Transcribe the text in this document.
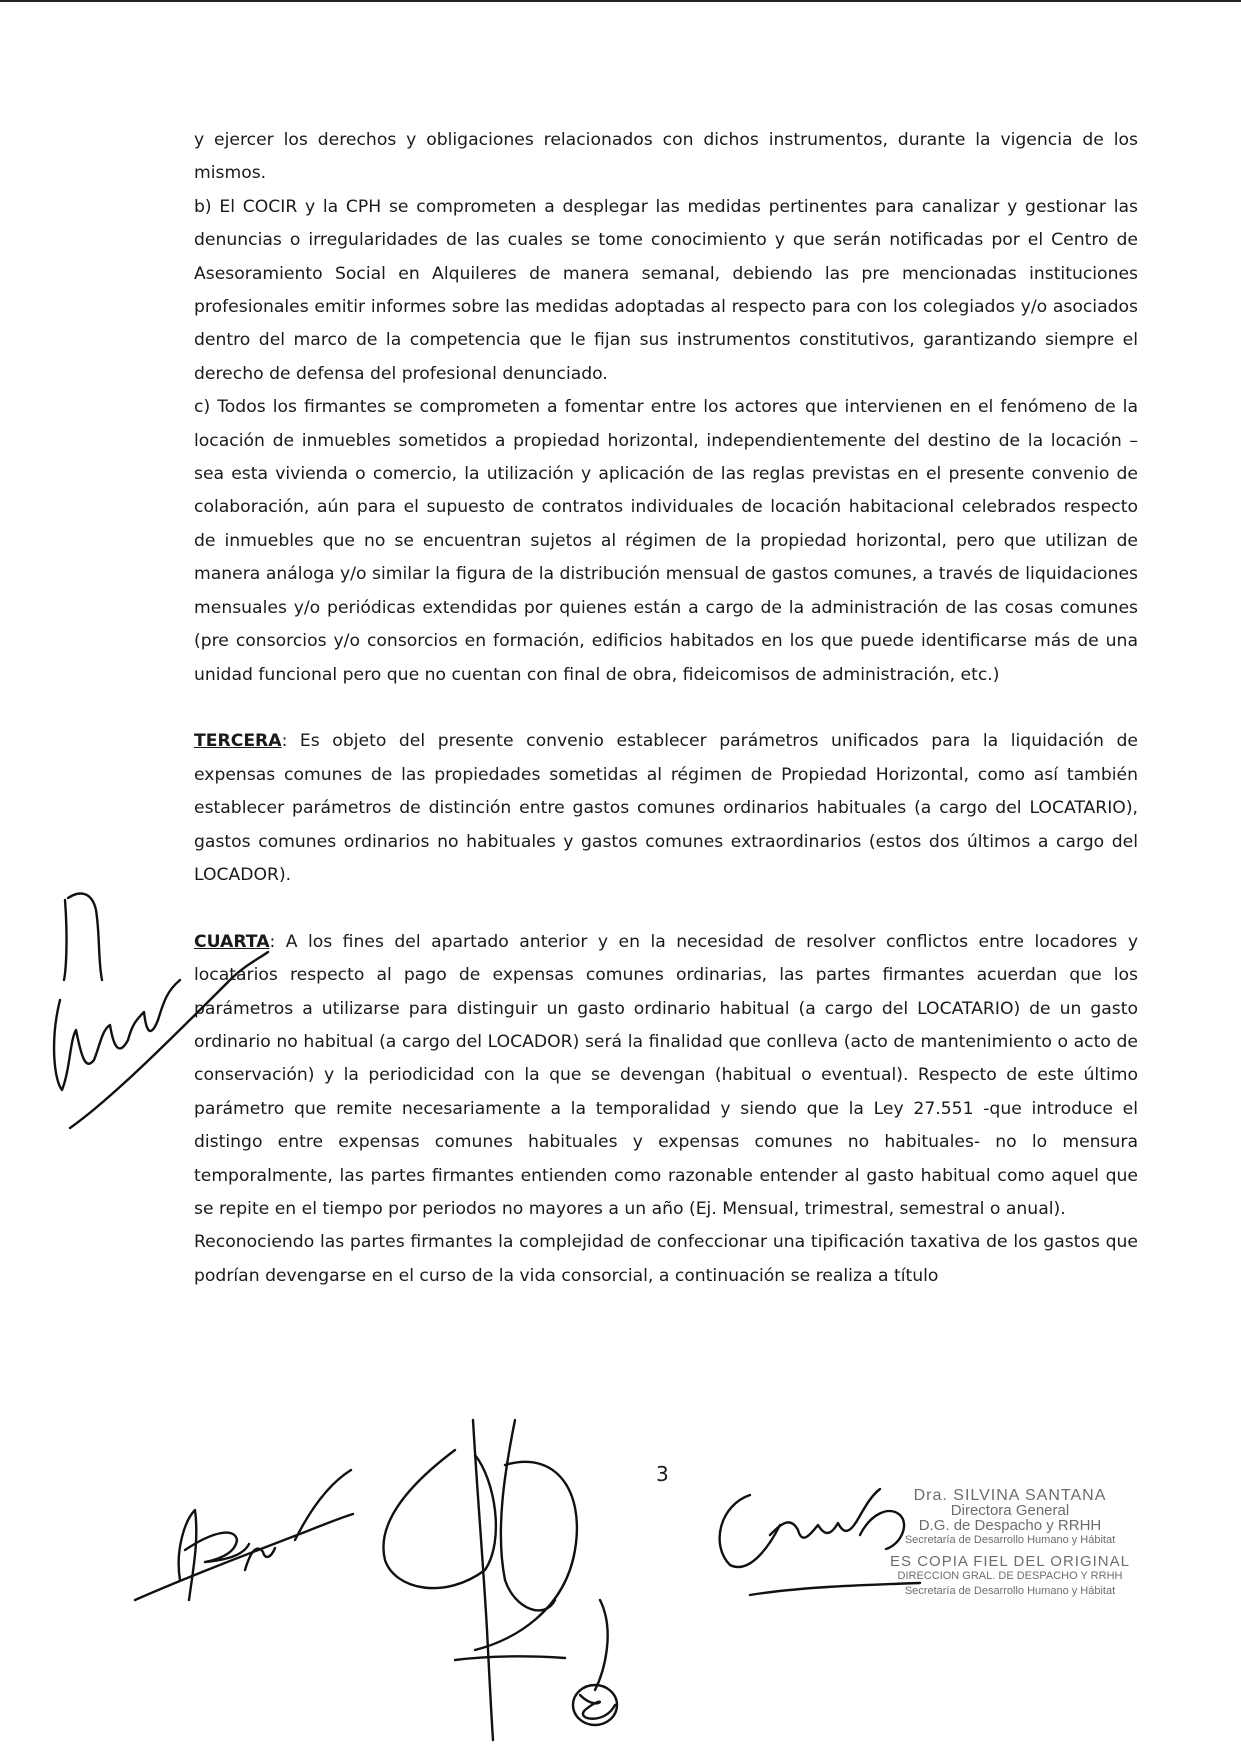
y ejercer los derechos y obligaciones relacionados con dichos instrumentos, durante la vigencia de los mismos.

b) El COCIR y la CPH se comprometen a desplegar las medidas pertinentes para canalizar y gestionar las denuncias o irregularidades de las cuales se tome conocimiento y que serán notificadas por el Centro de Asesoramiento Social en Alquileres de manera semanal, debiendo las pre mencionadas instituciones profesionales emitir informes sobre las medidas adoptadas al respecto para con los colegiados y/o asociados dentro del marco de la competencia que le fijan sus instrumentos constitutivos, garantizando siempre el derecho de defensa del profesional denunciado.

c) Todos los firmantes se comprometen a fomentar entre los actores que intervienen en el fenómeno de la locación de inmuebles sometidos a propiedad horizontal, independientemente del destino de la locación –sea esta vivienda o comercio, la utilización y aplicación de las reglas previstas en el presente convenio de colaboración, aún para el supuesto de contratos individuales de locación habitacional celebrados respecto de inmuebles que no se encuentran sujetos al régimen de la propiedad horizontal, pero que utilizan de manera análoga y/o similar la figura de la distribución mensual de gastos comunes, a través de liquidaciones mensuales y/o periódicas extendidas por quienes están a cargo de la administración de las cosas comunes (pre consorcios y/o consorcios en formación, edificios habitados en los que puede identificarse más de una unidad funcional pero que no cuentan con final de obra, fideicomisos de administración, etc.)

TERCERA: Es objeto del presente convenio establecer parámetros unificados para la liquidación de expensas comunes de las propiedades sometidas al régimen de Propiedad Horizontal, como así también establecer parámetros de distinción entre gastos comunes ordinarios habituales (a cargo del LOCATARIO), gastos comunes ordinarios no habituales y gastos comunes extraordinarios (estos dos últimos a cargo del LOCADOR).

CUARTA: A los fines del apartado anterior y en la necesidad de resolver conflictos entre locadores y locatarios respecto al pago de expensas comunes ordinarias, las partes firmantes acuerdan que los parámetros a utilizarse para distinguir un gasto ordinario habitual (a cargo del LOCATARIO) de un gasto ordinario no habitual (a cargo del LOCADOR) será la finalidad que conlleva (acto de mantenimiento o acto de conservación) y la periodicidad con la que se devengan (habitual o eventual). Respecto de este último parámetro que remite necesariamente a la temporalidad y siendo que la Ley 27.551 -que introduce el distingo entre expensas comunes habituales y expensas comunes no habituales- no lo mensura temporalmente, las partes firmantes entienden como razonable entender al gasto habitual como aquel que se repite en el tiempo por periodos no mayores a un año (Ej. Mensual, trimestral, semestral o anual).

Reconociendo las partes firmantes la complejidad de confeccionar una tipificación taxativa de los gastos que podrían devengarse en el curso de la vida consorcial, a continuación se realiza a título

3
Dra. SILVINA SANTANA
Directora General
D.G. de Despacho y RRHH
Secretaría de Desarrollo Humano y Hábitat
ES COPIA FIEL DEL ORIGINAL
DIRECCION GRAL. DE DESPACHO Y RRHH
Secretaría de Desarrollo Humano y Hábitat
